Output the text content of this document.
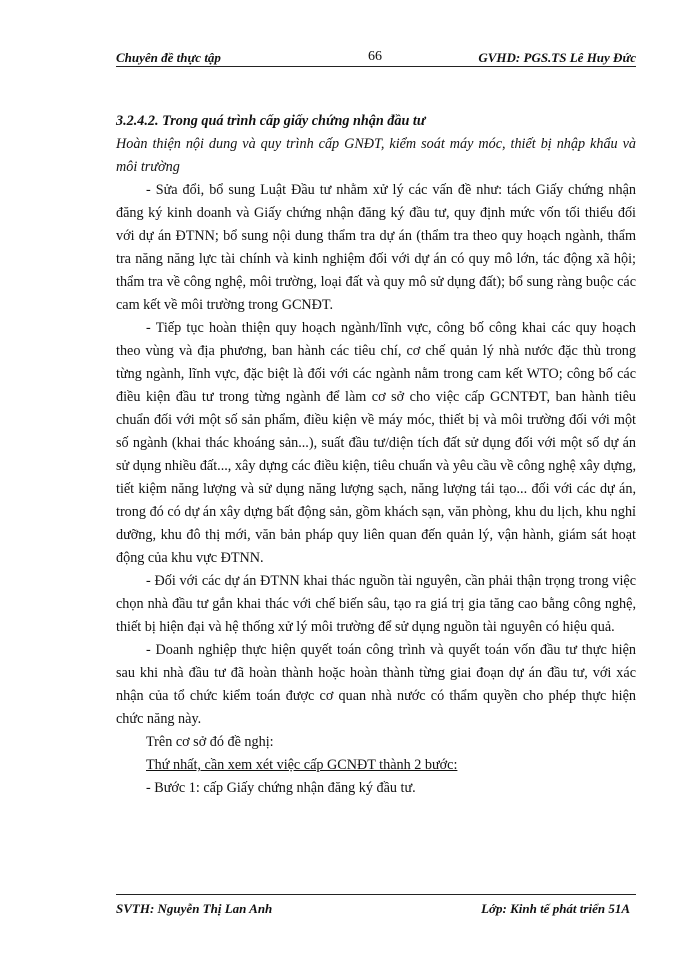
Chuyên đề thực tập	66	GVHD: PGS.TS Lê Huy Đức

3.2.4.2. Trong quá trình cấp giấy chứng nhận đầu tư

Hoàn thiện nội dung và quy trình cấp GNĐT, kiểm soát máy móc, thiết bị nhập khẩu và môi trường

- Sửa đổi, bổ sung Luật Đầu tư nhằm xử lý các vấn đề như: tách Giấy chứng nhận đăng ký kinh doanh và Giấy chứng nhận đăng ký đầu tư, quy định mức vốn tối thiểu đối với dự án ĐTNN; bổ sung nội dung thẩm tra dự án (thẩm tra theo quy hoạch ngành, thẩm tra năng năng lực tài chính và kinh nghiệm đối với dự án có quy mô lớn, tác động xã hội; thẩm tra về công nghệ, môi trường, loại đất và quy mô sử dụng đất); bổ sung ràng buộc các cam kết về môi trường trong GCNĐT.

- Tiếp tục hoàn thiện quy hoạch ngành/lĩnh vực, công bố công khai các quy hoạch theo vùng và địa phương, ban hành các tiêu chí, cơ chế quản lý nhà nước đặc thù trong từng ngành, lĩnh vực, đặc biệt là đối với các ngành nằm trong cam kết WTO; công bố các điều kiện đầu tư trong từng ngành để làm cơ sở cho việc cấp GCNTĐT, ban hành tiêu chuẩn đối với một số sản phẩm, điều kiện về máy móc, thiết bị và môi trường đối với một số ngành (khai thác khoáng sản...), suất đầu tư/diện tích đất sử dụng đối với một số dự án sử dụng nhiều đất..., xây dựng các điều kiện, tiêu chuẩn và yêu cầu về công nghệ xây dựng, tiết kiệm năng lượng và sử dụng năng lượng sạch, năng lượng tái tạo... đối với các dự án, trong đó có dự án xây dựng bất động sản, gồm khách sạn, văn phòng, khu du lịch, khu nghỉ dưỡng, khu đô thị mới, văn bản pháp quy liên quan đến quản lý, vận hành, giám sát hoạt động của khu vực ĐTNN.

- Đối với các dự án ĐTNN khai thác nguồn tài nguyên, cần phải thận trọng trong việc chọn nhà đầu tư gắn khai thác với chế biến sâu, tạo ra giá trị gia tăng cao bằng công nghệ, thiết bị hiện đại và hệ thống xử lý môi trường để sử dụng nguồn tài nguyên có hiệu quả.

- Doanh nghiệp thực hiện quyết toán công trình và quyết toán vốn đầu tư thực hiện sau khi nhà đầu tư đã hoàn thành hoặc hoàn thành từng giai đoạn dự án đầu tư, với xác nhận của tổ chức kiểm toán được cơ quan nhà nước có thẩm quyền cho phép thực hiện chức năng này.

Trên cơ sở đó đề nghị:

Thứ nhất, cần xem xét việc cấp GCNĐT thành 2 bước:

- Bước 1: cấp Giấy chứng nhận đăng ký đầu tư.

SVTH: Nguyễn Thị Lan Anh	Lớp: Kinh tế phát triển 51A
